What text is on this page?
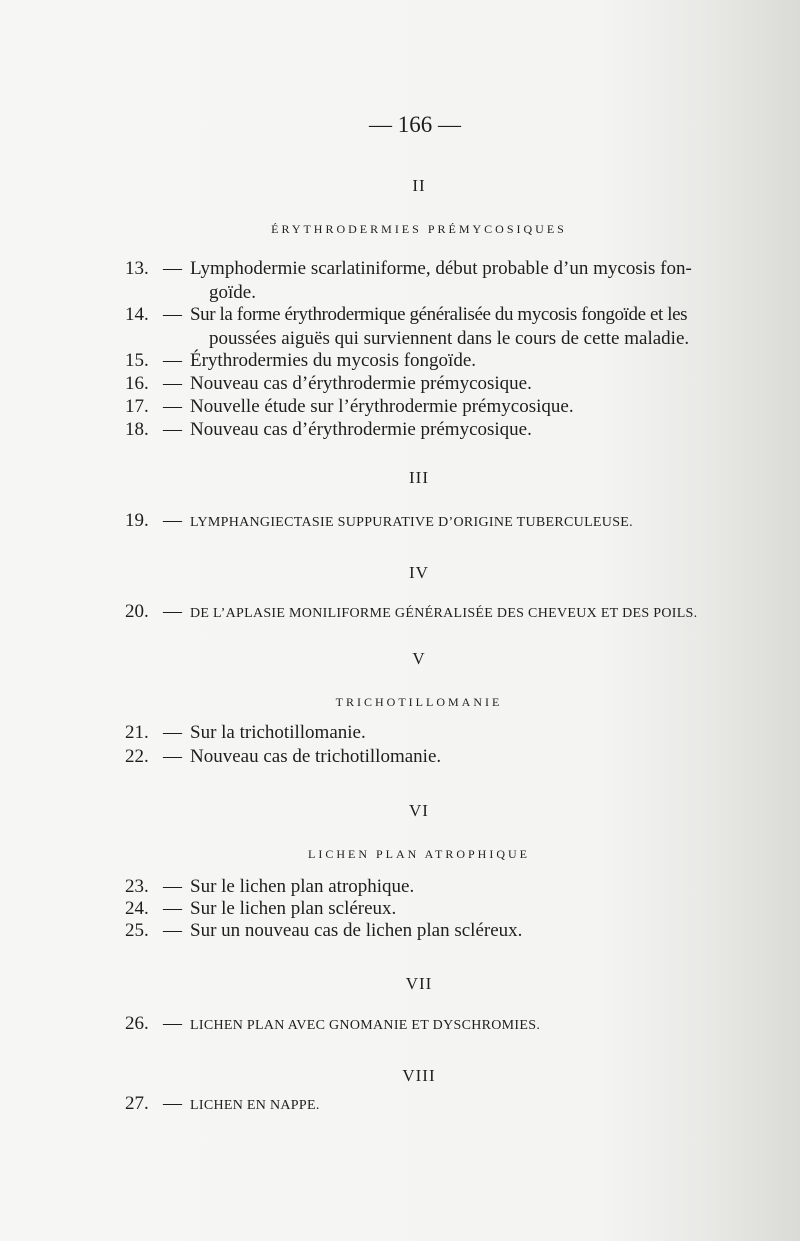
— 166 —
II
ÉRYTHRODERMIES PRÉMYCOSIQUES
13. — Lymphodermie scarlatiniforme, début probable d’un mycosis fon-
goïde.
14. — Sur la forme érythrodermique généralisée du mycosis fongoïde et les
poussées aiguës qui surviennent dans le cours de cette maladie.
15. — Érythrodermies du mycosis fongoïde.
16. — Nouveau cas d’érythrodermie prémycosique.
17. — Nouvelle étude sur l’érythrodermie prémycosique.
18. — Nouveau cas d’érythrodermie prémycosique.
III
19. — LYMPHANGIECTASIE SUPPURATIVE D’ORIGINE TUBERCULEUSE.
IV
20. — DE L’APLASIE MONILIFORME GÉNÉRALISÉE DES CHEVEUX ET DES POILS.
V
TRICHOTILLOMANIE
21. — Sur la trichotillomanie.
22. — Nouveau cas de trichotillomanie.
VI
LICHEN PLAN ATROPHIQUE
23. — Sur le lichen plan atrophique.
24. — Sur le lichen plan scléreux.
25. — Sur un nouveau cas de lichen plan scléreux.
VII
26. — LICHEN PLAN AVEC GNOMANIE ET DYSCHROMIES.
VIII
27. — LICHEN EN NAPPE.
